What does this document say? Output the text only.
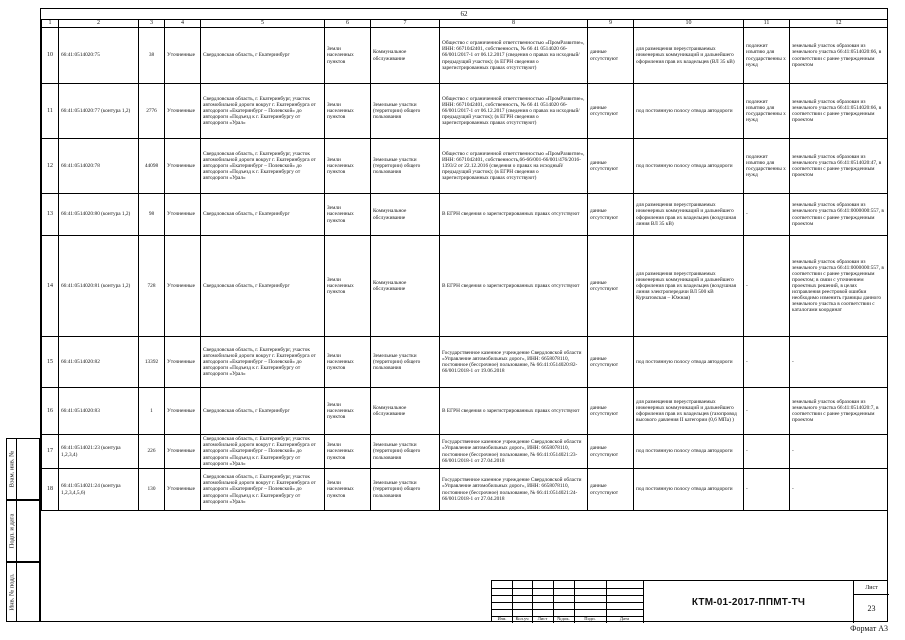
62
1	2	3	4	5	6	7	8	9	10	11	12
10	66:41:0514020:75	38	Уточненные	Свердловская область, г Екатеринбург	Земли населенных пунктов	Коммунальное обслуживание	Общество с ограниченной ответственностью «ПромРазвитие», ИНН: 6671042401, собственность, № 66 41 0514020 66-66/001/2017-1 от 06.12.2017 (сведения о правах на исходный/ предыдущий участок); (в ЕГРН сведения о зарегистрированных правах отсутствуют)	данные отсутствуют	для размещения переустраиваемых инженерных коммуникаций и дальнейшего оформления прав их владельцев (ВЛ 35 кВ)	подлежит изъятию для государственны х нужд	земельный участок образован из земельного участка 66:41:0514020:66, в соответствии с ранее утвержденным проектом
11	66:41:0514020:77 (контура 1,2)	2776	Уточненные	Свердловская область, г. Екатеринбург, участок автомобильной дороги вокруг г. Екатеринбурга от автодороги «Екатеринбург – Полевской» до автодороги «Подъезд к г. Екатеринбургу от автодороги «Урал»	Земли населенных пунктов	Земельные участки (территории) общего пользования	Общество с ограниченной ответственностью «ПромРазвитие», ИНН: 6671042401, собственность, № 66 41 0514020 66-66/001/2017-1 от 06.12.2017 (сведения о правах на исходный/ предыдущий участок); (в ЕГРН сведения о зарегистрированных правах отсутствуют)	данные отсутствуют	под постоянную полосу отвода автодороги	подлежит изъятию для государственны х нужд	земельный участок образован из земельного участка 66:41:0514020:66, в соответствии с ранее утвержденным проектом
12	66:41:0514020:78	44098	Уточненные	Свердловская область, г. Екатеринбург, участок автомобильной дороги вокруг г. Екатеринбурга от автодороги «Екатеринбург – Полевской» до автодороги «Подъезд к г. Екатеринбургу от автодороги «Урал»	Земли населенных пунктов	Земельные участки (территории) общего пользования	Общество с ограниченной ответственностью «ПромРазвитие», ИНН: 6671042401, собственность,66-66/001-66/001/476/2016-1393/2 от 22.12.2016 (сведения о правах на исходный/ предыдущий участок); (в ЕГРН сведения о зарегистрированных правах отсутствуют)	данные отсутствуют	под постоянную полосу отвода автодороги	подлежит изъятию для государственны х нужд	земельный участок образован из земельного участка 66:41:0514020:47, в соответствии с ранее утвержденным проектом
13	66:41:0514020:80 (контура 1,2)	98	Уточненные	Свердловская область, г Екатеринбург	Земли населенных пунктов	Коммунальное обслуживание	В ЕГРН сведения о зарегистрированных правах отсутствуют	данные отсутствуют	для размещения переустраиваемых инженерных коммуникаций и дальнейшего оформления прав их владельцев (воздушная линия ВЛ 35 кВ)	-	земельный участок образован из земельного участка 66:41:0000000:557, в соответствии с ранее утвержденным проектом
14	66:41:0514020:81 (контура 1,2)	728	Уточненные	Свердловская область, г Екатеринбург	Земли населенных пунктов	Коммунальное обслуживание	В ЕГРН сведения о зарегистрированных правах отсутствуют	данные отсутствуют	для размещения переустраиваемых инженерных коммуникаций и дальнейшего оформления прав их владельцев (воздушная линия электропередачи ВЛ 500 кВ Курчатовская – Южная)	-	земельный участок образован из земельного участка 66:41:0000000:557, в соответствии с ранее утвержденным проектом; в связи с уточнением проектных решений, в целях исправления реестровой ошибки необходимо изменить границы данного земельного участка в соответствии с каталогами координат
15	66:41:0514020:82	13392	Уточненные	Свердловская область, г. Екатеринбург, участок автомобильной дороги вокруг г. Екатеринбурга от автодороги «Екатеринбург – Полевской» до автодороги «Подъезд к г. Екатеринбургу от автодороги «Урал»	Земли населенных пунктов	Земельные участки (территории) общего пользования	Государственное казенное учреждение Свердловской области «Управление автомобильных дорог», ИНН: 6658078110, постоянное (бессрочное) пользование, № 66:41:0514020:82-66/001/2018-1 от 19.06.2018	данные отсутствуют	под постоянную полосу отвода автодороги	-	-
16	66:41:0514020:83	1	Уточненные	Свердловская область, г Екатеринбург	Земли населенных пунктов	Коммунальное обслуживание	В ЕГРН сведения о зарегистрированных правах отсутствуют	данные отсутствуют	для размещения переустраиваемых инженерных коммуникаций и дальнейшего оформления прав их владельцев (газопровод высокого давления II категории (0,6 МПа) )	-	земельный участок образован из земельного участка 66:41:0514020:7, в соответствии с ранее утвержденным проектом
17	66:41:0514021:23 (контура 1,2,3,4)	226	Уточненные	Свердловская область, г. Екатеринбург, участок автомобильной дороги вокруг г. Екатеринбурга от автодороги «Екатеринбург – Полевской» до автодороги «Подъезд к г. Екатеринбургу от автодороги «Урал»	Земли населенных пунктов	Земельные участки (территории) общего пользования	Государственное казенное учреждение Свердловской области «Управление автомобильных дорог», ИНН: 6658078110, постоянное (бессрочное) пользование, № 66:41:0514021:23-66/001/2018-1 от 27.04.2018	данные отсутствуют	под постоянную полосу отвода автодороги	-	-
18	66:41:0514021:24 (контура 1,2,3,4,5,6)	130	Уточненные	Свердловская область, г. Екатеринбург, участок автомобильной дороги вокруг г. Екатеринбурга от автодороги «Екатеринбург – Полевской» до автодороги «Подъезд к г. Екатеринбургу от автодороги «Урал»	Земли населенных пунктов	Земельные участки (территории) общего пользования	Государственное казенное учреждение Свердловской области «Управление автомобильных дорог», ИНН: 6658078110, постоянное (бессрочное) пользование, № 66:41:0514021:24-66/001/2018-1 от 27.04.2018	данные отсутствуют	под постоянную полосу отвода автодороги	-	-
Взам. инв. №
Подп. и дата
Инв. № подл.
Изм.	Кол.уч	Лист	№док.	Подп.	Дата
КТМ-01-2017-ППМТ-ТЧ
Лист
23
Формат А3
